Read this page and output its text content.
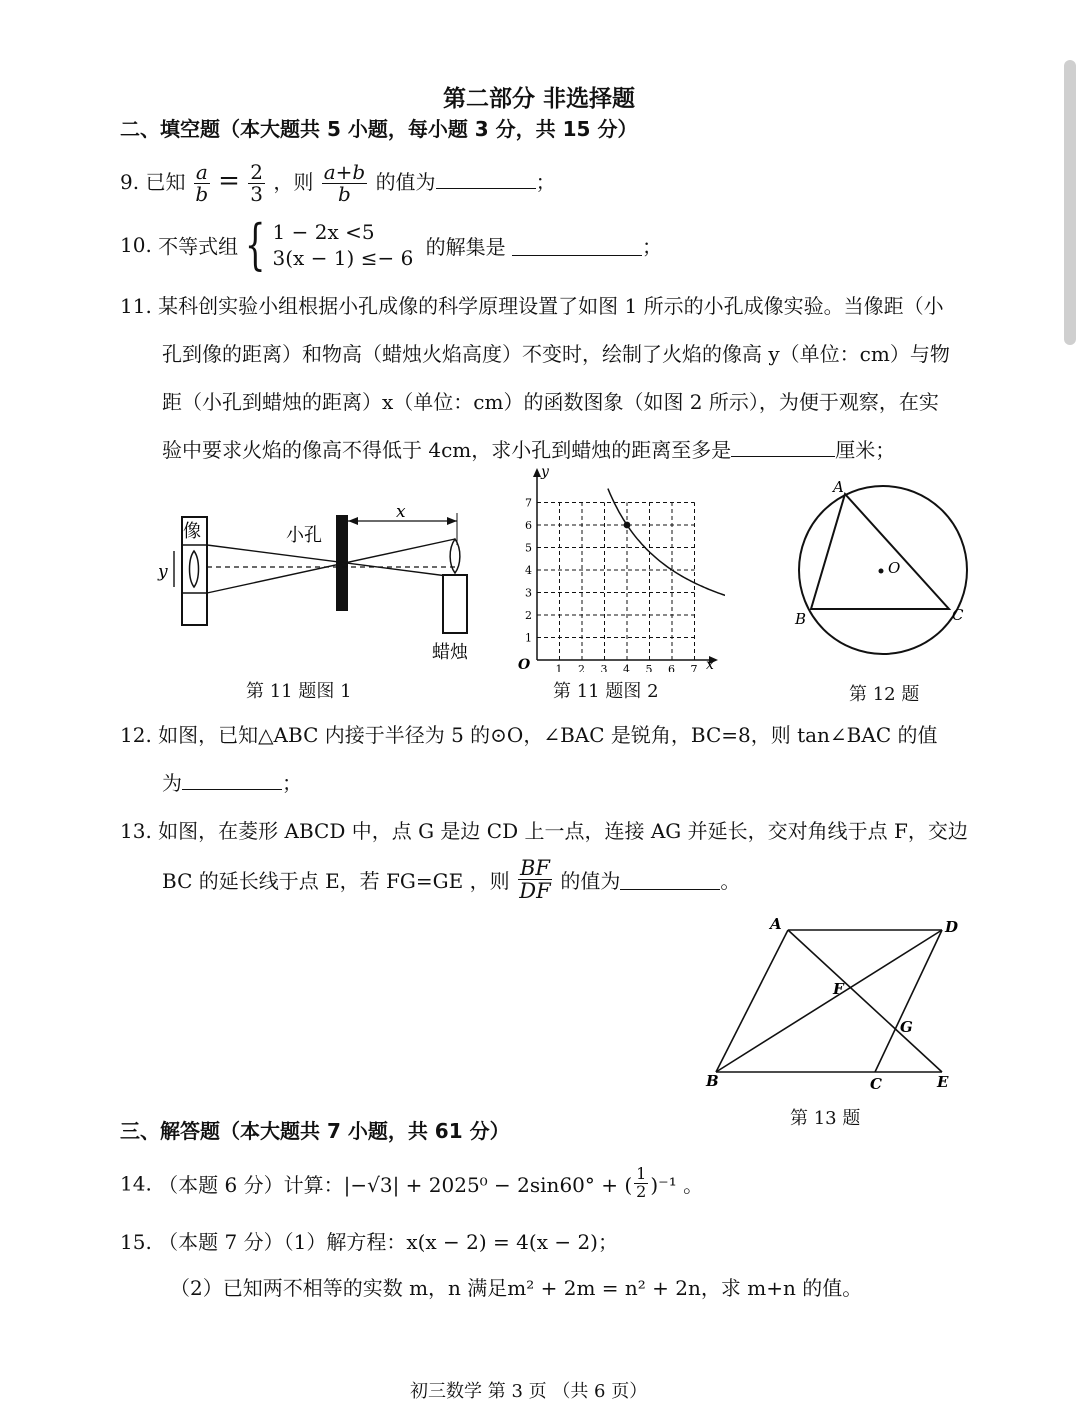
第二部分 非选择题
二、填空题（本大题共 5 小题，每小题 3 分，共 15 分）
9. 已知 $\frac{a}{b} = \frac{2}{3}$ ，则 $\frac{a+b}{b}$ 的值为	；
10. 不等式组 { 1 − 2x <5
3(x − 1) ≤− 6 的解集是	；
11. 某科创实验小组根据小孔成像的科学原理设置了如图 1 所示的小孔成像实验。当像距（小
孔到像的距离）和物高（蜡烛火焰高度）不变时，绘制了火焰的像高 y（单位：cm）与物
距（小孔到蜡烛的距离）x（单位：cm）的函数图象（如图 2 所示），为便于观察，在实
验中要求火焰的像高不得低于 4cm，求小孔到蜡烛的距离至多是	厘米；
像
y
小孔
x
蜡烛
第 11 题图 1
1 2 3 4 5 6 7
1
2
3
4
5
6
7
O	x
y
第 11 题图 2
A
B	C
O
第 12 题
12. 如图，已知△ABC 内接于半径为 5 的⊙O，∠BAC 是锐角，BC=8，则 tan∠BAC 的值
为	；
13. 如图，在菱形 ABCD 中，点 G 是边 CD 上一点，连接 AG 并延长，交对角线于点 F，交边
BC 的延长线于点 E，若 FG=GE ，则 $\frac{BF}{DF}$ 的值为	。
A	D
B	C	E
F
G
第 13 题
三、解答题（本大题共 7 小题，共 61 分）
14. （本题 6 分）计算：|−√3| + 2025⁰ − 2sin60° + ( $\frac{1}{2} )^{-1}$ 。
15. （本题 7 分）（1）解方程：x(x − 2) = 4(x − 2)；
（2）已知两不相等的实数 m，n 满足m² + 2m = n² + 2n，求 m+n 的值。
初三数学 第 3 页 （共 6 页）
